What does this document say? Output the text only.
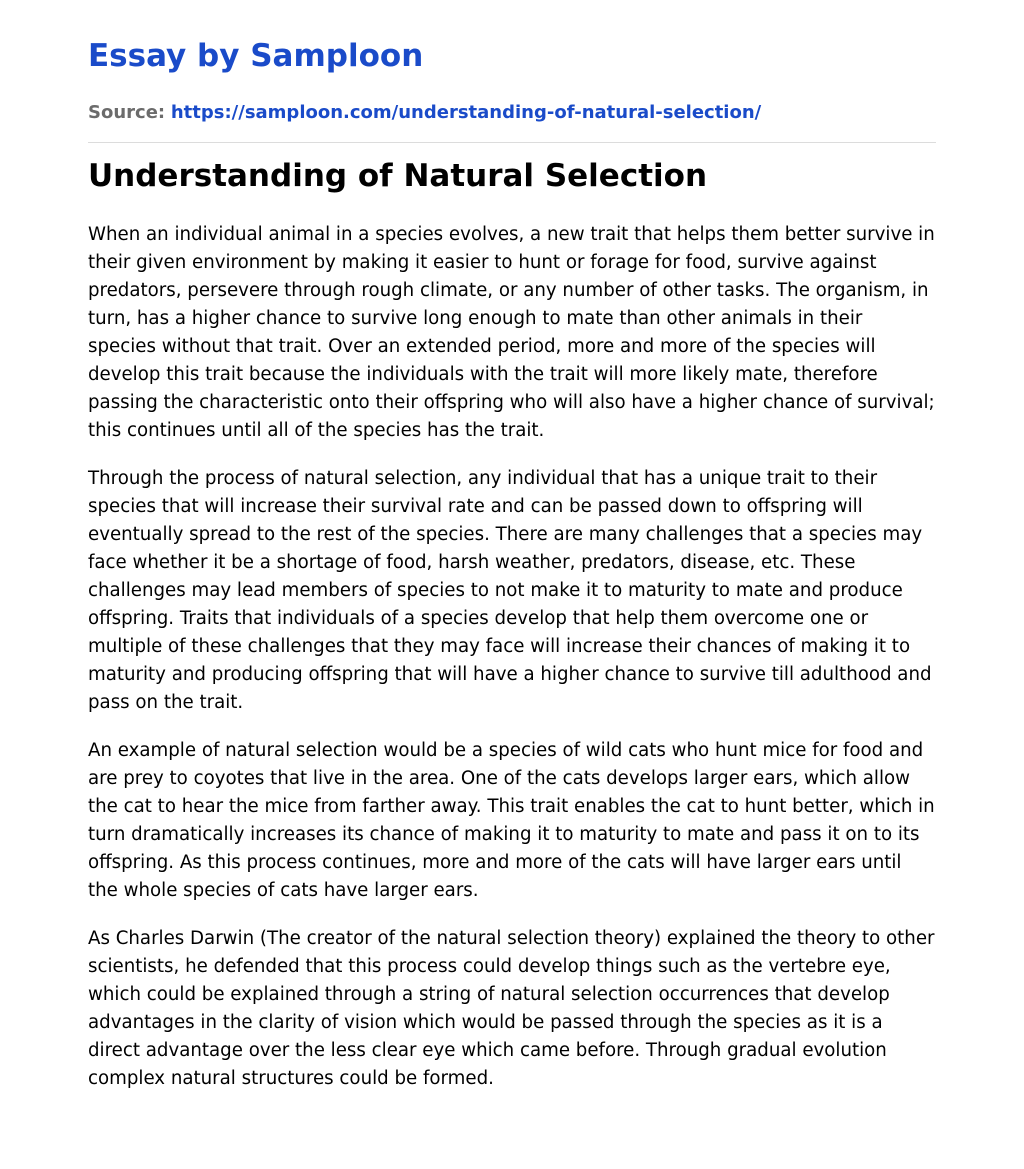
Essay by Samploon
Source: https://samploon.com/understanding-of-natural-selection/
Understanding of Natural Selection

When an individual animal in a species evolves, a new trait that helps them better survive in their given environment by making it easier to hunt or forage for food, survive against predators, persevere through rough climate, or any number of other tasks. The organism, in turn, has a higher chance to survive long enough to mate than other animals in their species without that trait. Over an extended period, more and more of the species will develop this trait because the individuals with the trait will more likely mate, therefore passing the characteristic onto their offspring who will also have a higher chance of survival; this continues until all of the species has the trait.

Through the process of natural selection, any individual that has a unique trait to their species that will increase their survival rate and can be passed down to offspring will eventually spread to the rest of the species. There are many challenges that a species may face whether it be a shortage of food, harsh weather, predators, disease, etc. These challenges may lead members of species to not make it to maturity to mate and produce offspring. Traits that individuals of a species develop that help them overcome one or multiple of these challenges that they may face will increase their chances of making it to maturity and producing offspring that will have a higher chance to survive till adulthood and pass on the trait.

An example of natural selection would be a species of wild cats who hunt mice for food and are prey to coyotes that live in the area. One of the cats develops larger ears, which allow the cat to hear the mice from farther away. This trait enables the cat to hunt better, which in turn dramatically increases its chance of making it to maturity to mate and pass it on to its offspring. As this process continues, more and more of the cats will have larger ears until the whole species of cats have larger ears.

As Charles Darwin (The creator of the natural selection theory) explained the theory to other scientists, he defended that this process could develop things such as the vertebre eye, which could be explained through a string of natural selection occurrences that develop advantages in the clarity of vision which would be passed through the species as it is a direct advantage over the less clear eye which came before. Through gradual evolution complex natural structures could be formed.
